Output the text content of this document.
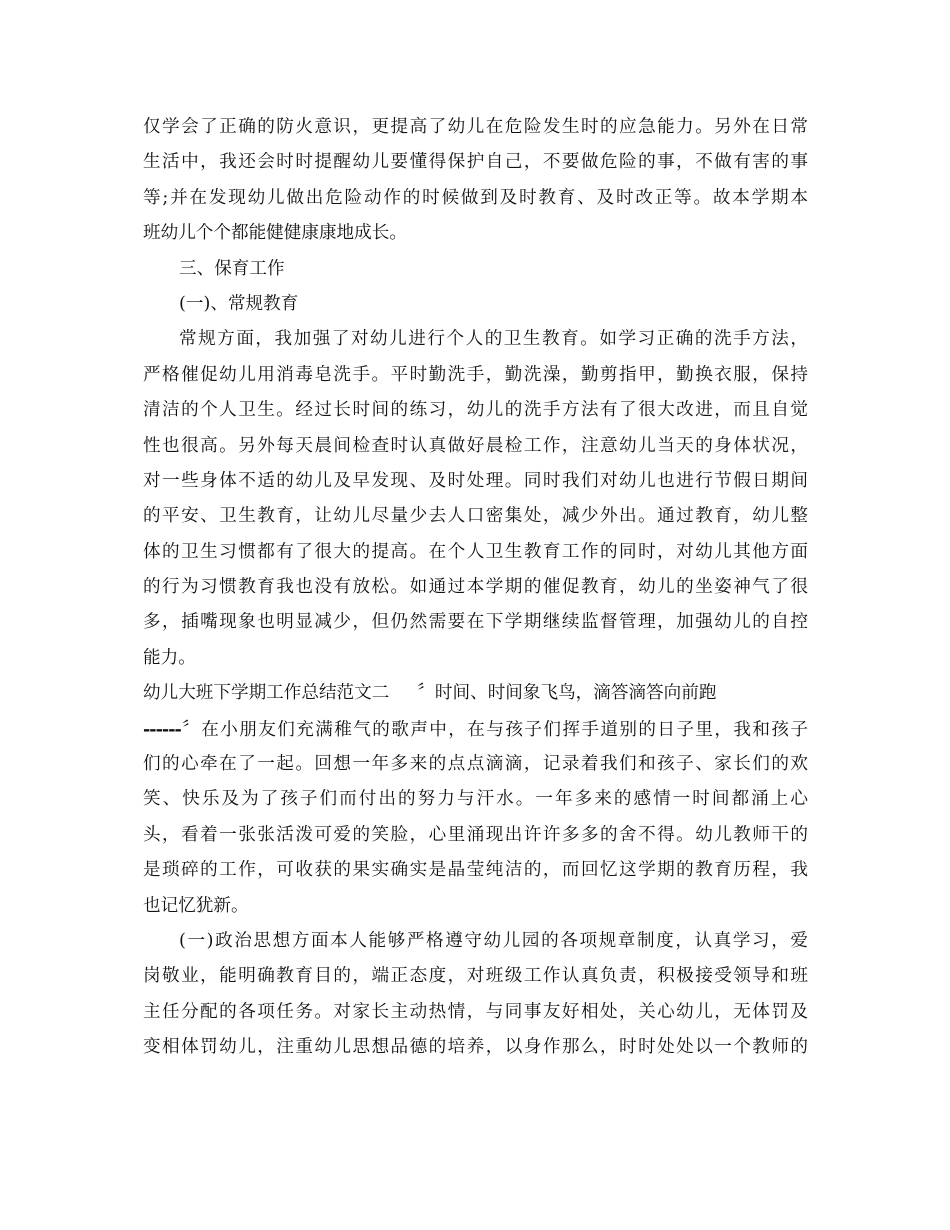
仅学会了正确的防火意识，更提高了幼儿在危险发生时的应急能力。另外在日常
生活中，我还会时时提醒幼儿要懂得保护自己，不要做危险的事，不做有害的事
等;并在发现幼儿做出危险动作的时候做到及时教育、及时改正等。故本学期本
班幼儿个个都能健健康康地成长。
三、保育工作
(一)、常规教育
常规方面，我加强了对幼儿进行个人的卫生教育。如学习正确的洗手方法，
严格催促幼儿用消毒皂洗手。平时勤洗手，勤洗澡，勤剪指甲，勤换衣服，保持
清洁的个人卫生。经过长时间的练习，幼儿的洗手方法有了很大改进，而且自觉
性也很高。另外每天晨间检查时认真做好晨检工作，注意幼儿当天的身体状况，
对一些身体不适的幼儿及早发现、及时处理。同时我们对幼儿也进行节假日期间
的平安、卫生教育，让幼儿尽量少去人口密集处，减少外出。通过教育，幼儿整
体的卫生习惯都有了很大的提高。在个人卫生教育工作的同时，对幼儿其他方面
的行为习惯教育我也没有放松。如通过本学期的催促教育，幼儿的坐姿神气了很
多，插嘴现象也明显减少，但仍然需要在下学期继续监督管理，加强幼儿的自控
能力。
幼儿大班下学期工作总结范文二 〞时间、时间象飞鸟，滴答滴答向前跑
------〞在小朋友们充满稚气的歌声中，在与孩子们挥手道别的日子里，我和孩子
们的心牵在了一起。回想一年多来的点点滴滴，记录着我们和孩子、家长们的欢
笑、快乐及为了孩子们而付出的努力与汗水。一年多来的感情一时间都涌上心
头，看着一张张活泼可爱的笑脸，心里涌现出许许多多的舍不得。幼儿教师干的
是琐碎的工作，可收获的果实确实是晶莹纯洁的，而回忆这学期的教育历程，我
也记忆犹新。
(一)政治思想方面本人能够严格遵守幼儿园的各项规章制度，认真学习，爱
岗敬业，能明确教育目的，端正态度，对班级工作认真负责，积极接受领导和班
主任分配的各项任务。对家长主动热情，与同事友好相处，关心幼儿，无体罚及
变相体罚幼儿，注重幼儿思想品德的培养，以身作那么，时时处处以一个教师的
